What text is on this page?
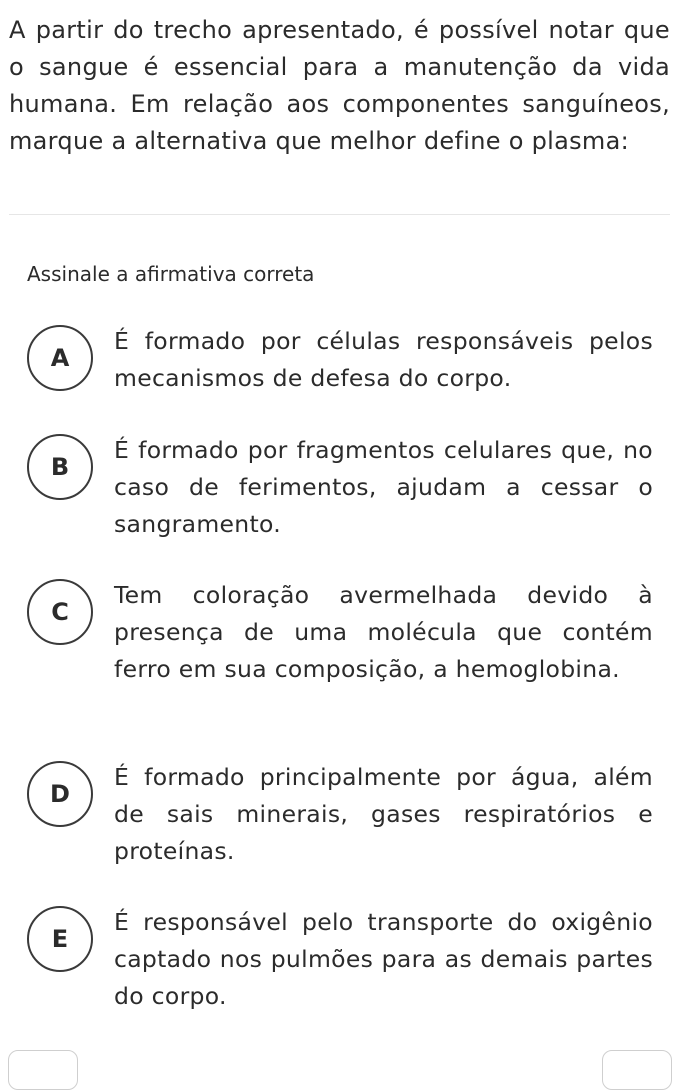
A partir do trecho apresentado, é possível notar que o sangue é essencial para a manutenção da vida humana. Em relação aos componentes sanguíneos, marque a alternativa que melhor define o plasma:

Assinale a afirmativa correta

A

É formado por células responsáveis pelos mecanismos de defesa do corpo.

B

É formado por fragmentos celulares que, no caso de ferimentos, ajudam a cessar o sangramento.

C

Tem coloração avermelhada devido à presença de uma molécula que contém ferro em sua composição, a hemoglobina.

D

É formado principalmente por água, além de sais minerais, gases respiratórios e proteínas.

E

É responsável pelo transporte do oxigênio captado nos pulmões para as demais partes do corpo.
